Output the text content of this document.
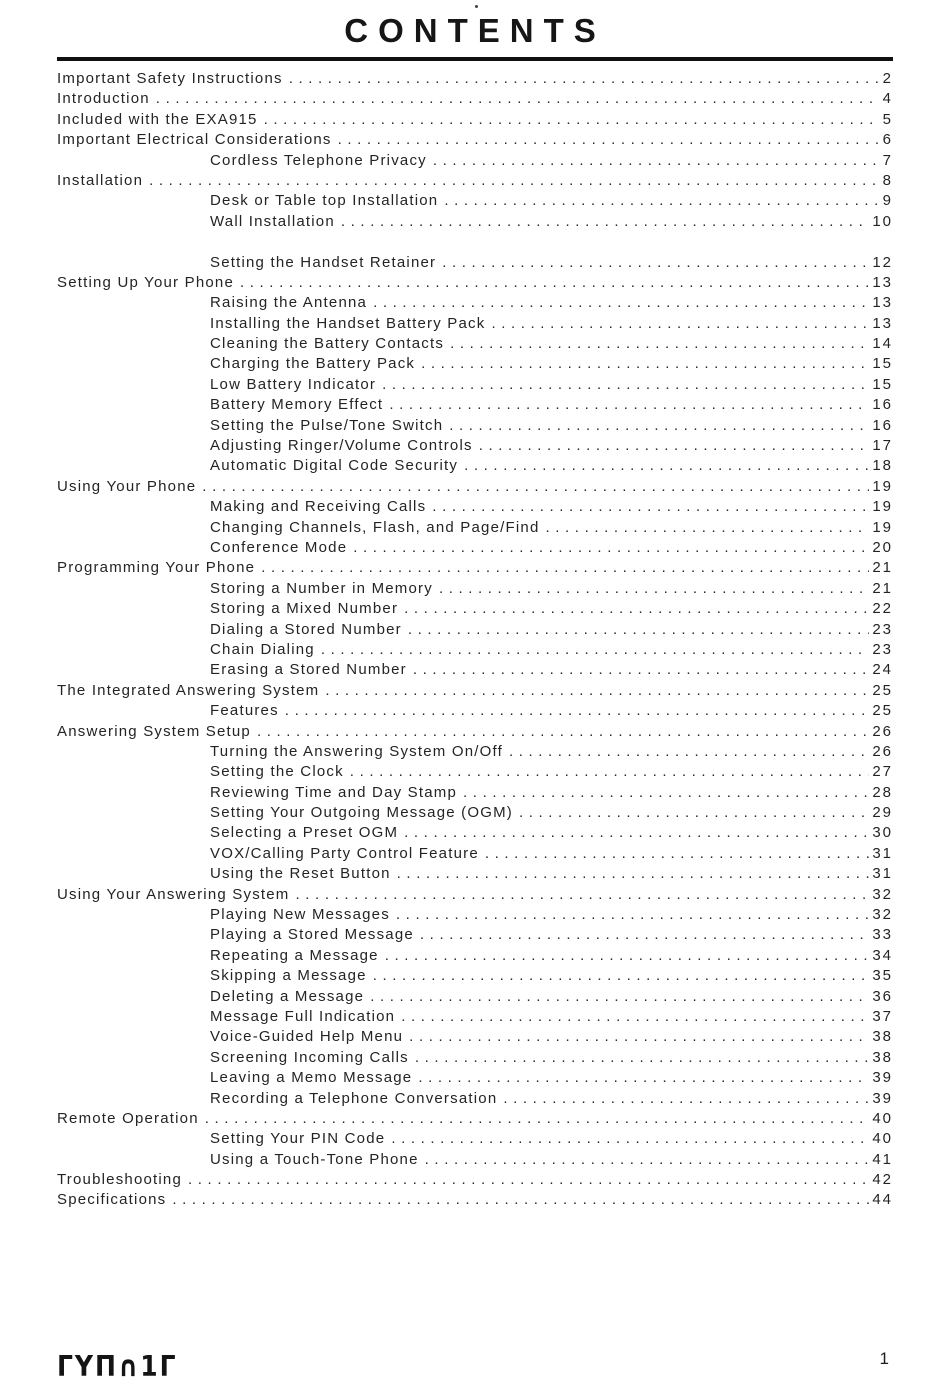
CONTENTS
Important Safety Instructions .....	2
Introduction .....	4
Included with the EXA915 .....	5
Important Electrical Considerations .....	6
Cordless Telephone Privacy .....	7
Installation .....	8
Desk or Table top Installation .....	9
Wall Installation .....	10
Setting the Handset Retainer .....	12
Setting Up Your Phone .....	13
Raising the Antenna .....	13
Installing the Handset Battery Pack .....	13
Cleaning the Battery Contacts .....	14
Charging the Battery Pack .....	15
Low Battery Indicator .....	15
Battery Memory Effect .....	16
Setting the Pulse/Tone Switch .....	16
Adjusting Ringer/Volume Controls .....	17
Automatic Digital Code Security .....	18
Using Your Phone .....	19
Making and Receiving Calls .....	19
Changing Channels, Flash, and Page/Find .....	19
Conference Mode .....	20
Programming Your Phone .....	21
Storing a Number in Memory .....	21
Storing a Mixed Number .....	22
Dialing a Stored Number .....	23
Chain Dialing .....	23
Erasing a Stored Number .....	24
The Integrated Answering System .....	25
Features .....	25
Answering System Setup .....	26
Turning the Answering System On/Off .....	26
Setting the Clock .....	27
Reviewing Time and Day Stamp .....	28
Setting Your Outgoing Message (OGM) .....	29
Selecting a Preset OGM .....	30
VOX/Calling Party Control Feature .....	31
Using the Reset Button .....	31
Using Your Answering System .....	32
Playing New Messages .....	32
Playing a Stored Message .....	33
Repeating a Message .....	34
Skipping a Message .....	35
Deleting a Message .....	36
Message Full Indication .....	37
Voice-Guided Help Menu .....	38
Screening Incoming Calls .....	38
Leaving a Memo Message .....	39
Recording a Telephone Conversation .....	39
Remote Operation .....	40
Setting Your PIN Code .....	40
Using a Touch-Tone Phone .....	41
Troubleshooting .....	42
Specifications .....	44
ΓΥΠ∩1Γ	1
